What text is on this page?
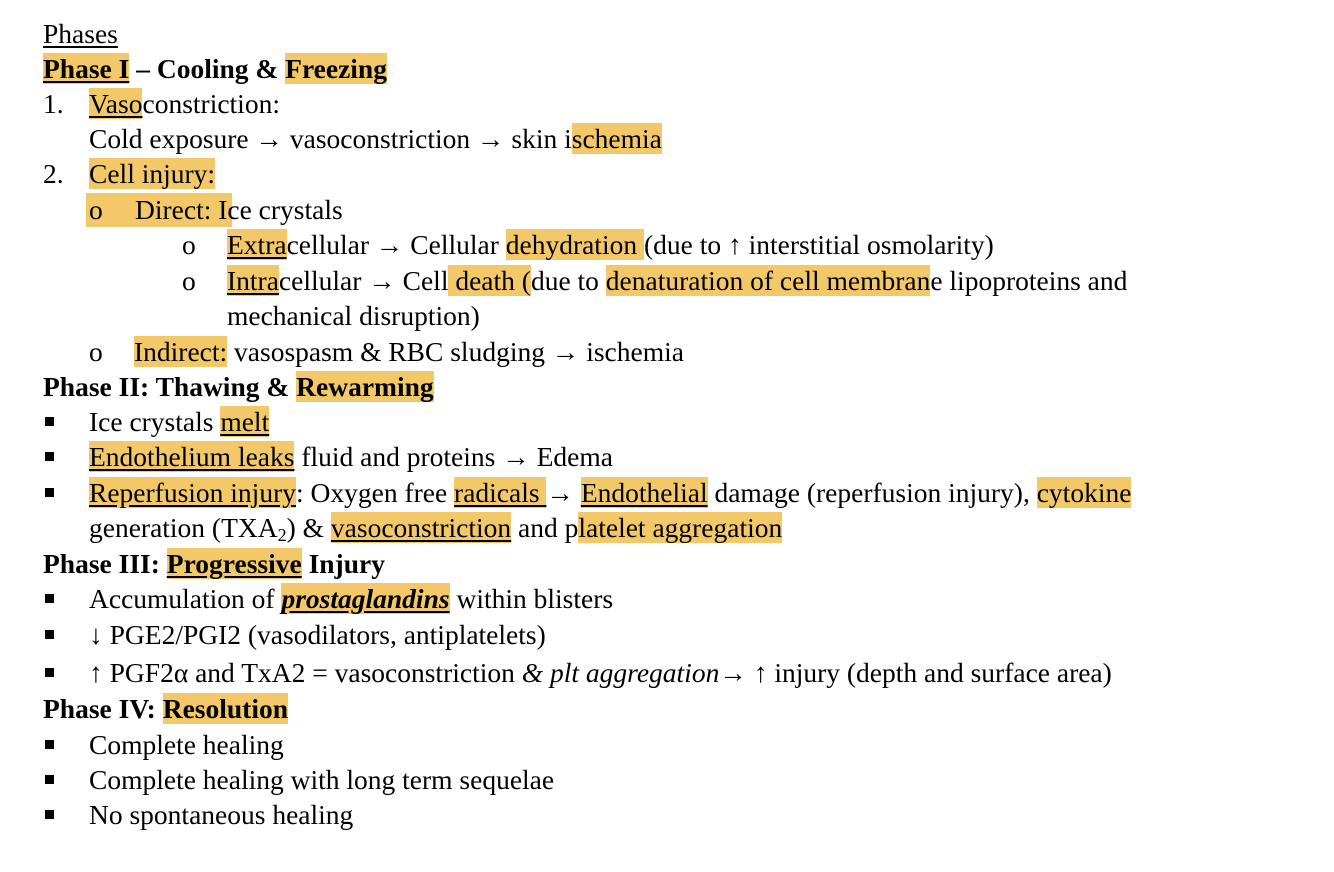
Phases
Phase I – Cooling & Freezing
1. Vasoconstriction:
Cold exposure → vasoconstriction → skin ischemia
2. Cell injury:
o Direct: Ice crystals
o Extracellular → Cellular dehydration (due to ↑ interstitial osmolarity)
o Intracellular → Cell death (due to denaturation of cell membrane lipoproteins and
mechanical disruption)
o Indirect: vasospasm & RBC sludging → ischemia
Phase II: Thawing & Rewarming
Ice crystals melt
Endothelium leaks fluid and proteins → Edema
Reperfusion injury: Oxygen free radicals → Endothelial damage (reperfusion injury), cytokine
generation $(TXA_2)$ & vasoconstriction and platelet aggregation
Phase III: Progressive Injury
Accumulation of prostaglandins within blisters
↓ PGE2/PGI2 (vasodilators, antiplatelets)
↑ PGF2α and TxA2 = vasoconstriction & plt aggregation→ ↑ injury (depth and surface area)
Phase IV: Resolution
Complete healing
Complete healing with long term sequelae
No spontaneous healing
